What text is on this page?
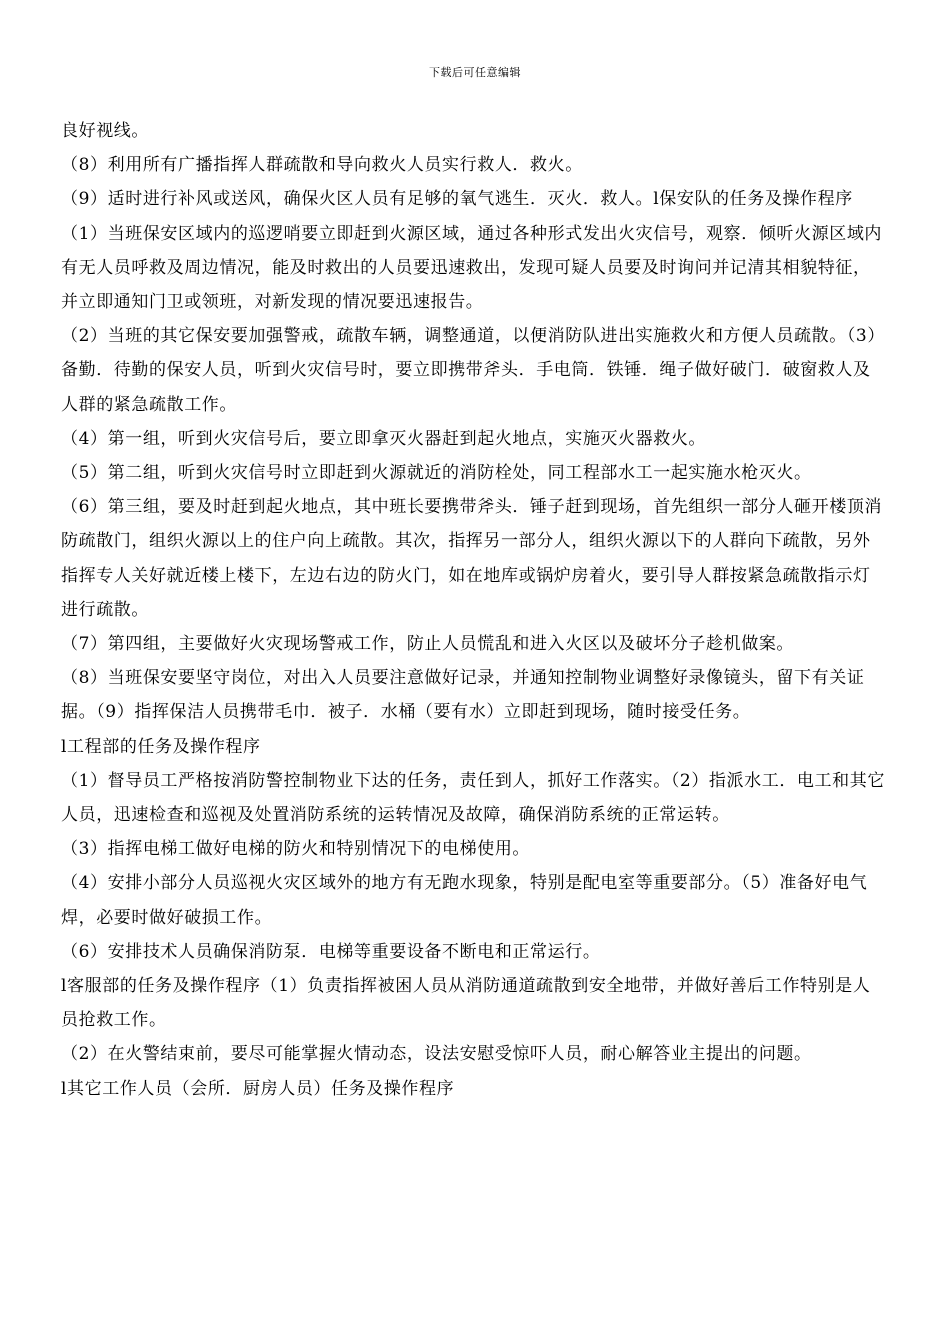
下载后可任意编辑

良好视线。

（8）利用所有广播指挥人群疏散和导向救火人员实行救人．救火。

（9）适时进行补风或送风，确保火区人员有足够的氧气逃生．灭火．救人。l保安队的任务及操作程序

（1）当班保安区域内的巡逻哨要立即赶到火源区域，通过各种形式发出火灾信号，观察．倾听火源区域内有无人员呼救及周边情况，能及时救出的人员要迅速救出，发现可疑人员要及时询问并记清其相貌特征，并立即通知门卫或领班，对新发现的情况要迅速报告。

（2）当班的其它保安要加强警戒，疏散车辆，调整通道，以便消防队进出实施救火和方便人员疏散。（3）备勤．待勤的保安人员，听到火灾信号时，要立即携带斧头．手电筒．铁锤．绳子做好破门．破窗救人及人群的紧急疏散工作。

（4）第一组，听到火灾信号后，要立即拿灭火器赶到起火地点，实施灭火器救火。

（5）第二组，听到火灾信号时立即赶到火源就近的消防栓处，同工程部水工一起实施水枪灭火。

（6）第三组，要及时赶到起火地点，其中班长要携带斧头．锤子赶到现场，首先组织一部分人砸开楼顶消防疏散门，组织火源以上的住户向上疏散。其次，指挥另一部分人，组织火源以下的人群向下疏散，另外指挥专人关好就近楼上楼下，左边右边的防火门，如在地库或锅炉房着火，要引导人群按紧急疏散指示灯进行疏散。

（7）第四组，主要做好火灾现场警戒工作，防止人员慌乱和进入火区以及破坏分子趁机做案。

（8）当班保安要坚守岗位，对出入人员要注意做好记录，并通知控制物业调整好录像镜头，留下有关证据。（9）指挥保洁人员携带毛巾．被子．水桶（要有水）立即赶到现场，随时接受任务。

l工程部的任务及操作程序

（1）督导员工严格按消防警控制物业下达的任务，责任到人，抓好工作落实。（2）指派水工．电工和其它人员，迅速检查和巡视及处置消防系统的运转情况及故障，确保消防系统的正常运转。

（3）指挥电梯工做好电梯的防火和特别情况下的电梯使用。

（4）安排小部分人员巡视火灾区域外的地方有无跑水现象，特别是配电室等重要部分。（5）准备好电气焊，必要时做好破损工作。

（6）安排技术人员确保消防泵．电梯等重要设备不断电和正常运行。

l客服部的任务及操作程序（1）负责指挥被困人员从消防通道疏散到安全地带，并做好善后工作特别是人员抢救工作。

（2）在火警结束前，要尽可能掌握火情动态，设法安慰受惊吓人员，耐心解答业主提出的问题。

l其它工作人员（会所．厨房人员）任务及操作程序
